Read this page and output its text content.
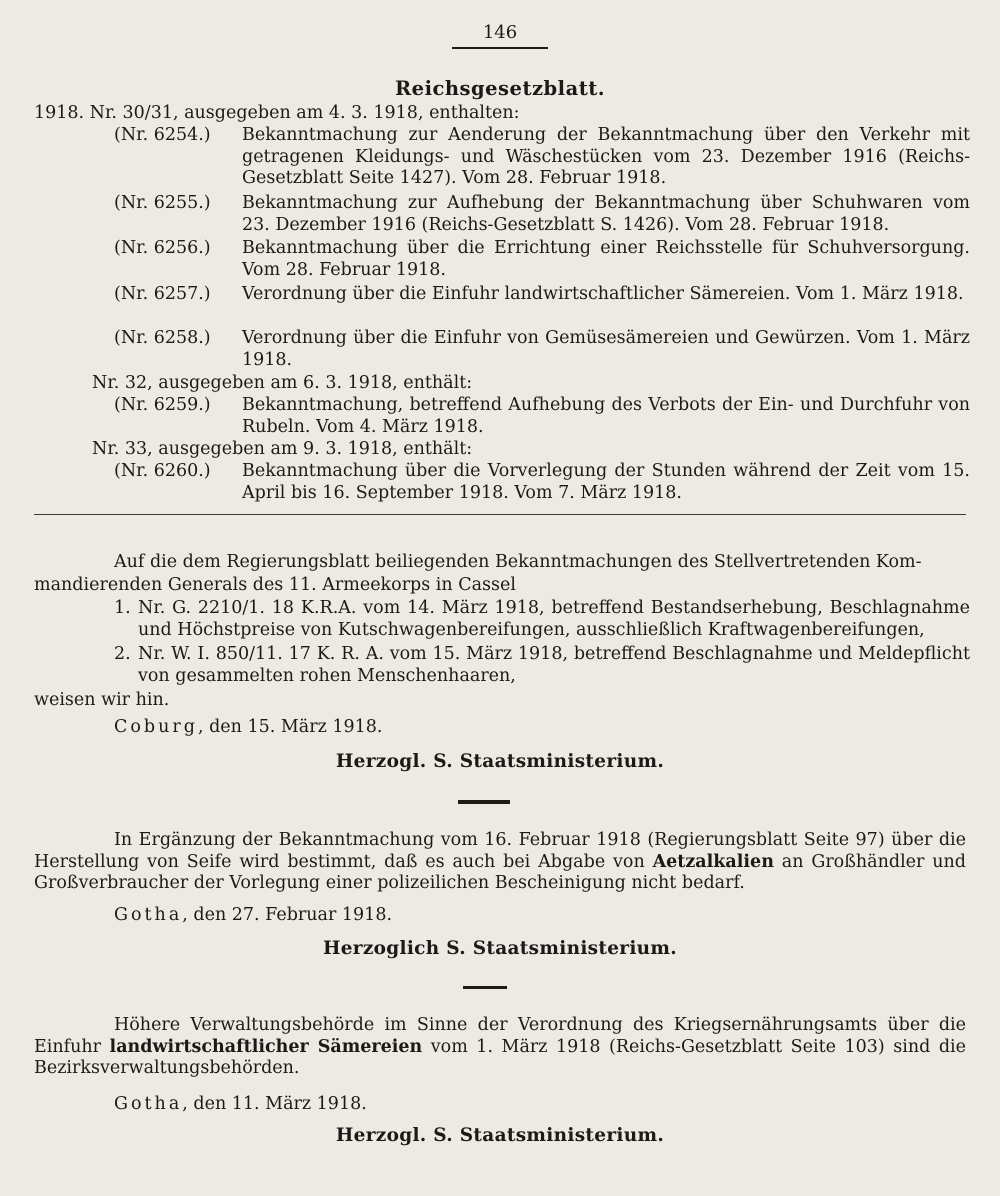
146
Reichsgesetzblatt.
1918. Nr. 30/31, ausgegeben am 4. 3. 1918, enthalten:
(Nr. 6254.)	Bekanntmachung zur Aenderung der Bekanntmachung über den Verkehr mit getragenen Kleidungs- und Wäschestücken vom 23. Dezember 1916 (Reichs-Gesetzblatt Seite 1427). Vom 28. Februar 1918.
(Nr. 6255.)	Bekanntmachung zur Aufhebung der Bekanntmachung über Schuhwaren vom 23. Dezember 1916 (Reichs-Gesetzblatt S. 1426). Vom 28. Februar 1918.
(Nr. 6256.)	Bekanntmachung über die Errichtung einer Reichsstelle für Schuhversorgung. Vom 28. Februar 1918.
(Nr. 6257.)	Verordnung über die Einfuhr landwirtschaftlicher Sämereien. Vom 1. März 1918.
(Nr. 6258.)	Verordnung über die Einfuhr von Gemüsesämereien und Gewürzen. Vom 1. März 1918.
Nr. 32, ausgegeben am 6. 3. 1918, enthält:
(Nr. 6259.)	Bekanntmachung, betreffend Aufhebung des Verbots der Ein- und Durchfuhr von Rubeln. Vom 4. März 1918.
Nr. 33, ausgegeben am 9. 3. 1918, enthält:
(Nr. 6260.)	Bekanntmachung über die Vorverlegung der Stunden während der Zeit vom 15. April bis 16. September 1918. Vom 7. März 1918.
Auf die dem Regierungsblatt beiliegenden Bekanntmachungen des Stellvertretenden Kom-
mandierenden Generals des 11. Armeekorps in Cassel
1. Nr. G. 2210/1. 18 K.R.A. vom 14. März 1918, betreffend Bestandserhebung, Beschlagnahme und Höchstpreise von Kutschwagenbereifungen, ausschließlich Kraftwagenbereifungen,
2. Nr. W. I. 850/11. 17 K. R. A. vom 15. März 1918, betreffend Beschlagnahme und Meldepflicht von gesammelten rohen Menschenhaaren,
weisen wir hin.
Coburg, den 15. März 1918.
Herzogl. S. Staatsministerium.
In Ergänzung der Bekanntmachung vom 16. Februar 1918 (Regierungsblatt Seite 97) über die Herstellung von Seife wird bestimmt, daß es auch bei Abgabe von Aetzalkalien an Großhändler und Großverbraucher der Vorlegung einer polizeilichen Bescheinigung nicht bedarf.
Gotha, den 27. Februar 1918.
Herzoglich S. Staatsministerium.
Höhere Verwaltungsbehörde im Sinne der Verordnung des Kriegsernährungsamts über die Einfuhr landwirtschaftlicher Sämereien vom 1. März 1918 (Reichs-Gesetzblatt Seite 103) sind die Bezirksverwaltungsbehörden.
Gotha, den 11. März 1918.
Herzogl. S. Staatsministerium.
